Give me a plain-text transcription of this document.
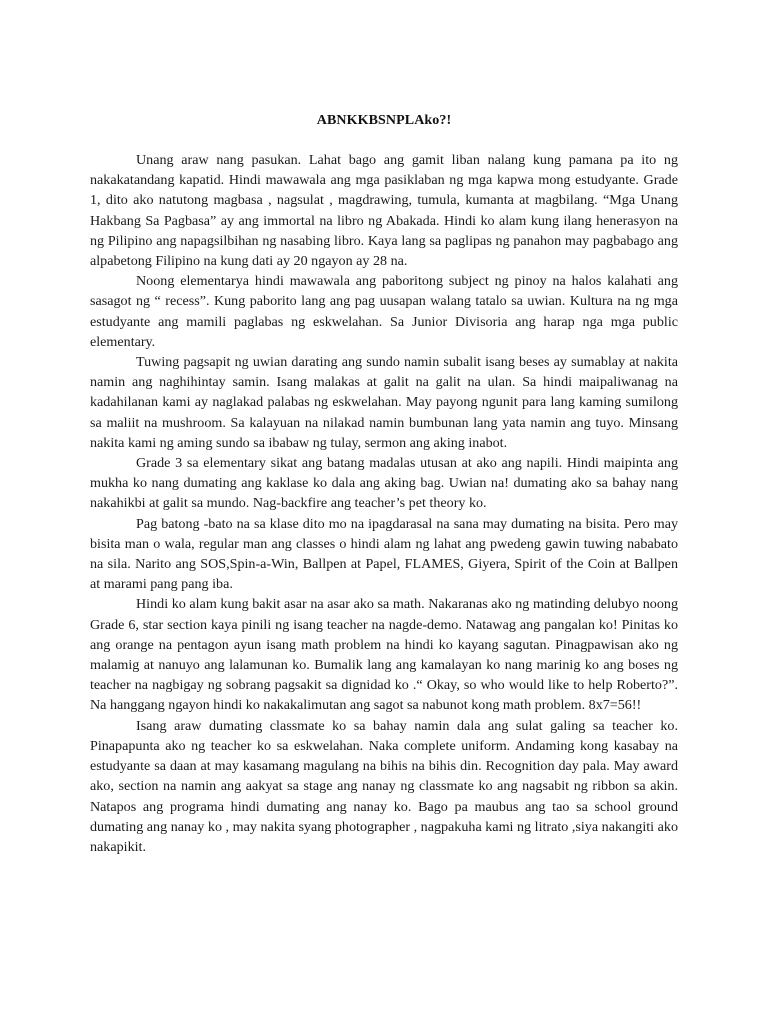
ABNKKBSNPLAko?!

Unang araw nang pasukan. Lahat bago ang gamit liban nalang kung pamana pa ito ng nakakatandang kapatid. Hindi mawawala ang mga pasiklaban ng mga kapwa mong estudyante. Grade 1, dito ako natutong magbasa , nagsulat , magdrawing, tumula, kumanta at magbilang. “Mga Unang Hakbang Sa Pagbasa” ay ang immortal na libro ng Abakada. Hindi ko alam kung ilang henerasyon na ng Pilipino ang napagsilbihan ng nasabing libro. Kaya lang sa paglipas ng panahon may pagbabago ang alpabetong Filipino na kung dati ay 20 ngayon ay 28 na.

Noong elementarya hindi mawawala ang paboritong subject ng pinoy na halos kalahati ang sasagot ng “ recess”. Kung paborito lang ang pag uusapan walang tatalo sa uwian. Kultura na ng mga estudyante ang mamili paglabas ng eskwelahan. Sa Junior Divisoria ang harap nga mga public elementary.

Tuwing pagsapit ng uwian darating ang sundo namin subalit isang beses ay sumablay at nakita namin ang naghihintay samin. Isang malakas at galit na galit na ulan. Sa hindi maipaliwanag na kadahilanan kami ay naglakad palabas ng eskwelahan. May payong ngunit para lang kaming sumilong sa maliit na mushroom. Sa kalayuan na nilakad namin bumbunan lang yata namin ang tuyo. Minsang nakita kami ng aming sundo sa ibabaw ng tulay, sermon ang aking inabot.

Grade 3 sa elementary sikat ang batang madalas utusan at ako ang napili. Hindi maipinta ang mukha ko nang dumating ang kaklase ko dala ang aking bag. Uwian na! dumating ako sa bahay nang nakahikbi at galit sa mundo. Nag-backfire ang teacher’s pet theory ko.

Pag batong -bato na sa klase dito mo na ipagdarasal na sana may dumating na bisita. Pero may bisita man o wala, regular man ang classes o hindi alam ng lahat ang pwedeng gawin tuwing nababato na sila. Narito ang SOS,Spin-a-Win, Ballpen at Papel, FLAMES, Giyera, Spirit of the Coin at Ballpen at marami pang pang iba.

Hindi ko alam kung bakit asar na asar ako sa math. Nakaranas ako ng matinding delubyo noong Grade 6, star section kaya pinili ng isang teacher na nagde-demo. Natawag ang pangalan ko! Pinitas ko ang orange na pentagon ayun isang math problem na hindi ko kayang sagutan. Pinagpawisan ako ng malamig at nanuyo ang lalamunan ko. Bumalik lang ang kamalayan ko nang marinig ko ang boses ng teacher na nagbigay ng sobrang pagsakit sa dignidad ko .“ Okay, so who would like to help Roberto?”. Na hanggang ngayon hindi ko nakakalimutan ang sagot sa nabunot kong math problem. 8x7=56!!

Isang araw dumating classmate ko sa bahay namin dala ang sulat galing sa teacher ko. Pinapapunta ako ng teacher ko sa eskwelahan. Naka complete uniform. Andaming kong kasabay na estudyante sa daan at may kasamang magulang na bihis na bihis din. Recognition day pala. May award ako, section na namin ang aakyat sa stage ang nanay ng classmate ko ang nagsabit ng ribbon sa akin. Natapos ang programa hindi dumating ang nanay ko. Bago pa maubus ang tao sa school ground dumating ang nanay ko , may nakita syang photographer , nagpakuha kami ng litrato ,siya nakangiti ako nakapikit.
